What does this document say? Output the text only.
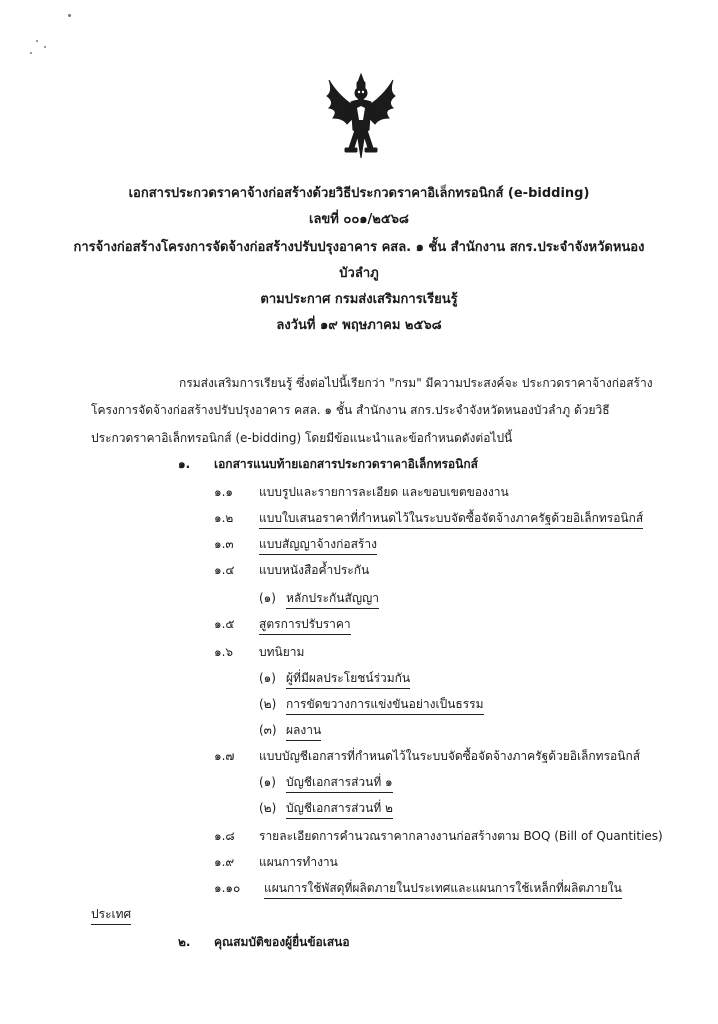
เอกสารประกวดราคาจ้างก่อสร้างด้วยวิธีประกวดราคาอิเล็กทรอนิกส์ (e-bidding)
เลขที่ ๐๐๑/๒๕๖๘
การจ้างก่อสร้างโครงการจัดจ้างก่อสร้างปรับปรุงอาคาร คสล. ๑ ชั้น สำนักงาน สกร.ประจำจังหวัดหนอง
บัวลำภู
ตามประกาศ กรมส่งเสริมการเรียนรู้
ลงวันที่ ๑๙ พฤษภาคม ๒๕๖๘
กรมส่งเสริมการเรียนรู้ ซึ่งต่อไปนี้เรียกว่า "กรม" มีความประสงค์จะ ประกวดราคาจ้างก่อสร้าง
โครงการจัดจ้างก่อสร้างปรับปรุงอาคาร คสล. ๑ ชั้น สำนักงาน สกร.ประจำจังหวัดหนองบัวลำภู ด้วยวิธี
ประกวดราคาอิเล็กทรอนิกส์ (e-bidding) โดยมีข้อแนะนำและข้อกำหนดดังต่อไปนี้
๑. เอกสารแนบท้ายเอกสารประกวดราคาอิเล็กทรอนิกส์
๑.๑ แบบรูปและรายการละเอียด และขอบเขตของงาน
๑.๒ แบบใบเสนอราคาที่กำหนดไว้ในระบบจัดซื้อจัดจ้างภาครัฐด้วยอิเล็กทรอนิกส์
๑.๓ แบบสัญญาจ้างก่อสร้าง
๑.๔ แบบหนังสือค้ำประกัน
(๑) หลักประกันสัญญา
๑.๕ สูตรการปรับราคา
๑.๖ บทนิยาม
(๑) ผู้ที่มีผลประโยชน์ร่วมกัน
(๒) การขัดขวางการแข่งขันอย่างเป็นธรรม
(๓) ผลงาน
๑.๗ แบบบัญชีเอกสารที่กำหนดไว้ในระบบจัดซื้อจัดจ้างภาครัฐด้วยอิเล็กทรอนิกส์
(๑) บัญชีเอกสารส่วนที่ ๑
(๒) บัญชีเอกสารส่วนที่ ๒
๑.๘ รายละเอียดการคำนวณราคากลางงานก่อสร้างตาม BOQ (Bill of Quantities)
๑.๙ แผนการทำงาน
๑.๑๐ แผนการใช้พัสดุที่ผลิตภายในประเทศและแผนการใช้เหล็กที่ผลิตภายใน
ประเทศ
๒. คุณสมบัติของผู้ยื่นข้อเสนอ
